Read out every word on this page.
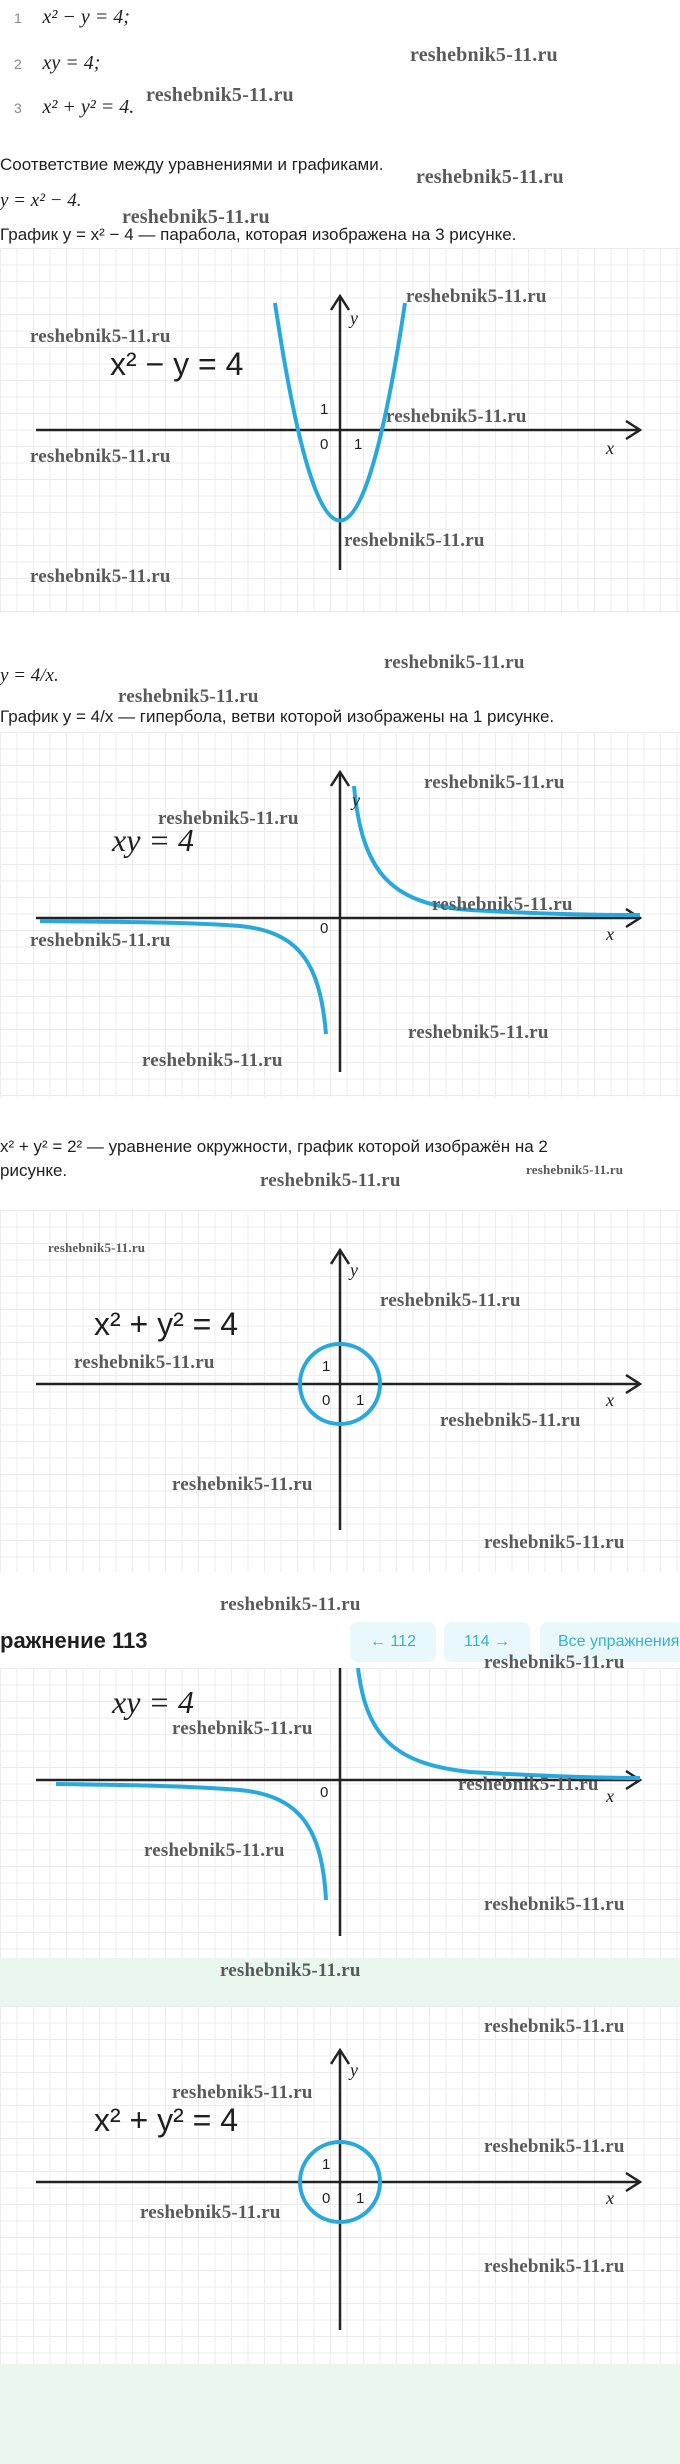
1 x² − y = 4;
2 xy = 4;
3 x² + y² = 4.
Соответствие между уравнениями и графиками.
y = x² − 4.
График y = x² − 4 — парабола, которая изображена на 3 рисунке.
x² − y = 4
y
x
1
0 1
y = 4/x.
График y = 4/x — гипербола, ветви которой изображены на 1 рисунке.
xy = 4
y
x
0
x² + y² = 2² — уравнение окружности, график которой изображён на 2
рисунке.
x² + y² = 4
y
x
1
0 1
ражнение 113	← 112	114 →	Все упражнения
xy = 4
x
0
x² + y² = 4
y
x
1
0 1
reshebnik5-11.ru
reshebnik5-11.ru
reshebnik5-11.ru
reshebnik5-11.ru
reshebnik5-11.ru
reshebnik5-11.ru
reshebnik5-11.ru
reshebnik5-11.ru
reshebnik5-11.ru
reshebnik5-11.ru
reshebnik5-11.ru
reshebnik5-11.ru
reshebnik5-11.ru
reshebnik5-11.ru
reshebnik5-11.ru
reshebnik5-11.ru
reshebnik5-11.ru
reshebnik5-11.ru
reshebnik5-11.ru
reshebnik5-11.ru
reshebnik5-11.ru
reshebnik5-11.ru
reshebnik5-11.ru
reshebnik5-11.ru
reshebnik5-11.ru
reshebnik5-11.ru
reshebnik5-11.ru
reshebnik5-11.ru
reshebnik5-11.ru
reshebnik5-11.ru
reshebnik5-11.ru
reshebnik5-11.ru
reshebnik5-11.ru
reshebnik5-11.ru
reshebnik5-11.ru
reshebnik5-11.ru
reshebnik5-11.ru
reshebnik5-11.ru
